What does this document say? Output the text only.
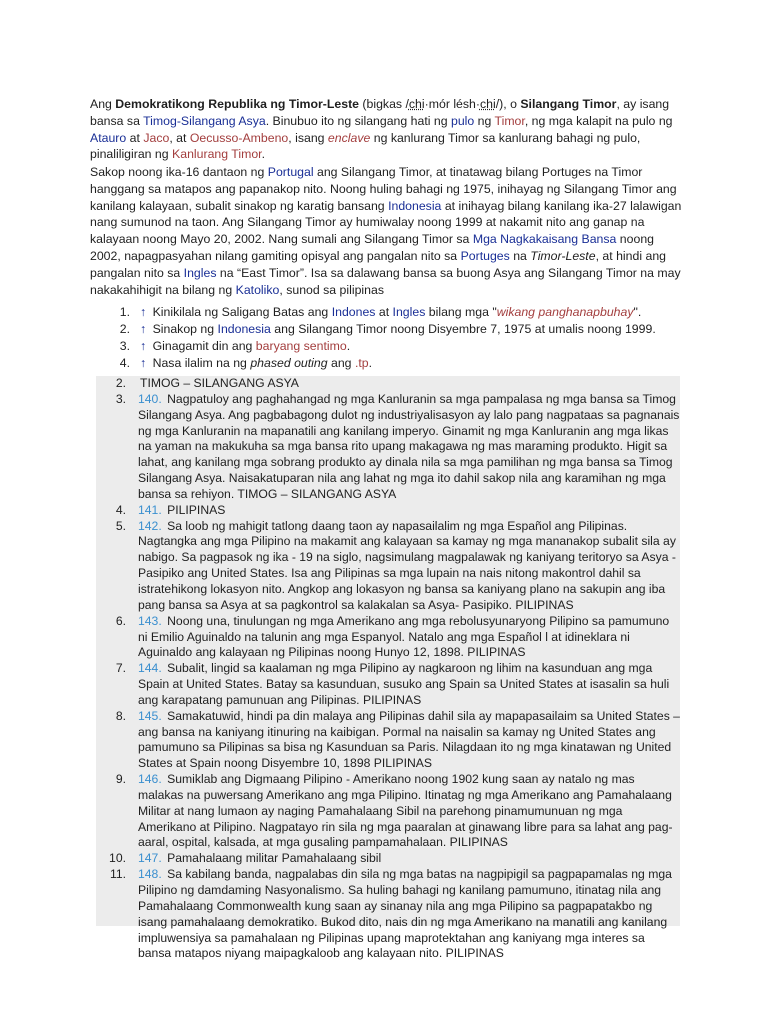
Ang Demokratikong Republika ng Timor-Leste (bigkas /chi·mór lésh·chi/), o Silangang Timor, ay isang bansa sa Timog-Silangang Asya. Binubuo ito ng silangang hati ng pulo ng Timor, ng mga kalapit na pulo ng Atauro at Jaco, at Oecusso-Ambeno, isang enclave ng kanlurang Timor sa kanlurang bahagi ng pulo, pinaliligiran ng Kanlurang Timor.

Sakop noong ika-16 dantaon ng Portugal ang Silangang Timor, at tinatawag bilang Portuges na Timor hanggang sa matapos ang papanakop nito. Noong huling bahagi ng 1975, inihayag ng Silangang Timor ang kanilang kalayaan, subalit sinakop ng karatig bansang Indonesia at inihayag bilang kanilang ika-27 lalawigan nang sumunod na taon. Ang Silangang Timor ay humiwalay noong 1999 at nakamit nito ang ganap na kalayaan noong Mayo 20, 2002. Nang sumali ang Silangang Timor sa Mga Nagkakaisang Bansa noong 2002, napagpasyahan nilang gamiting opisyal ang pangalan nito sa Portuges na Timor-Leste, at hindi ang pangalan nito sa Ingles na “East Timor”. Isa sa dalawang bansa sa buong Asya ang Silangang Timor na may nakakahihigit na bilang ng Katoliko, sunod sa pilipinas

1. ↑ Kinikilala ng Saligang Batas ang Indones at Ingles bilang mga "wikang panghanapbuhay".
2. ↑ Sinakop ng Indonesia ang Silangang Timor noong Disyembre 7, 1975 at umalis noong 1999.
3. ↑ Ginagamit din ang baryang sentimo.
4. ↑ Nasa ilalim na ng phased outing ang .tp.
2. TIMOG – SILANGANG ASYA
3. 140. Nagpatuloy ang paghahangad ng mga Kanluranin sa mga pampalasa ng mga bansa sa Timog Silangang Asya. Ang pagbabagong dulot ng industriyalisasyon ay lalo pang nagpataas sa pagnanais ng mga Kanluranin na mapanatili ang kanilang imperyo. Ginamit ng mga Kanluranin ang mga likas na yaman na makukuha sa mga bansa rito upang makagawa ng mas maraming produkto. Higit sa lahat, ang kanilang mga sobrang produkto ay dinala nila sa mga pamilihan ng mga bansa sa Timog Silangang Asya. Naisakatuparan nila ang lahat ng mga ito dahil sakop nila ang karamihan ng mga bansa sa rehiyon. TIMOG – SILANGANG ASYA
4. 141. PILIPINAS
5. 142. Sa loob ng mahigit tatlong daang taon ay napasailalim ng mga Español ang Pilipinas. Nagtangka ang mga Pilipino na makamit ang kalayaan sa kamay ng mga mananakop subalit sila ay nabigo. Sa pagpasok ng ika - 19 na siglo, nagsimulang magpalawak ng kaniyang teritoryo sa Asya - Pasipiko ang United States. Isa ang Pilipinas sa mga lupain na nais nitong makontrol dahil sa istratehikong lokasyon nito. Angkop ang lokasyon ng bansa sa kaniyang plano na sakupin ang iba pang bansa sa Asya at sa pagkontrol sa kalakalan sa Asya- Pasipiko. PILIPINAS
6. 143. Noong una, tinulungan ng mga Amerikano ang mga rebolusyunaryong Pilipino sa pamumuno ni Emilio Aguinaldo na talunin ang mga Espanyol. Natalo ang mga Español l at idineklara ni Aguinaldo ang kalayaan ng Pilipinas noong Hunyo 12, 1898. PILIPINAS
7. 144. Subalit, lingid sa kaalaman ng mga Pilipino ay nagkaroon ng lihim na kasunduan ang mga Spain at United States. Batay sa kasunduan, susuko ang Spain sa United States at isasalin sa huli ang karapatang pamunuan ang Pilipinas. PILIPINAS
8. 145. Samakatuwid, hindi pa din malaya ang Pilipinas dahil sila ay mapapasailaim sa United States – ang bansa na kaniyang itinuring na kaibigan. Pormal na naisalin sa kamay ng United States ang pamumuno sa Pilipinas sa bisa ng Kasunduan sa Paris. Nilagdaan ito ng mga kinatawan ng United States at Spain noong Disyembre 10, 1898 PILIPINAS
9. 146. Sumiklab ang Digmaang Pilipino - Amerikano noong 1902 kung saan ay natalo ng mas malakas na puwersang Amerikano ang mga Pilipino. Itinatag ng mga Amerikano ang Pamahalaang Militar at nang lumaon ay naging Pamahalaang Sibil na parehong pinamumunuan ng mga Amerikano at Pilipino. Nagpatayo rin sila ng mga paaralan at ginawang libre para sa lahat ang pag-aaral, ospital, kalsada, at mga gusaling pampamahalaan. PILIPINAS
10. 147. Pamahalaang militar Pamahalaang sibil
11. 148. Sa kabilang banda, nagpalabas din sila ng mga batas na nagpipigil sa pagpapamalas ng mga Pilipino ng damdaming Nasyonalismo. Sa huling bahagi ng kanilang pamumuno, itinatag nila ang Pamahalaang Commonwealth kung saan ay sinanay nila ang mga Pilipino sa pagpapatakbo ng isang pamahalaang demokratiko. Bukod dito, nais din ng mga Amerikano na manatili ang kanilang impluwensiya sa pamahalaan ng Pilipinas upang maprotektahan ang kaniyang mga interes sa bansa matapos niyang maipagkaloob ang kalayaan nito. PILIPINAS
